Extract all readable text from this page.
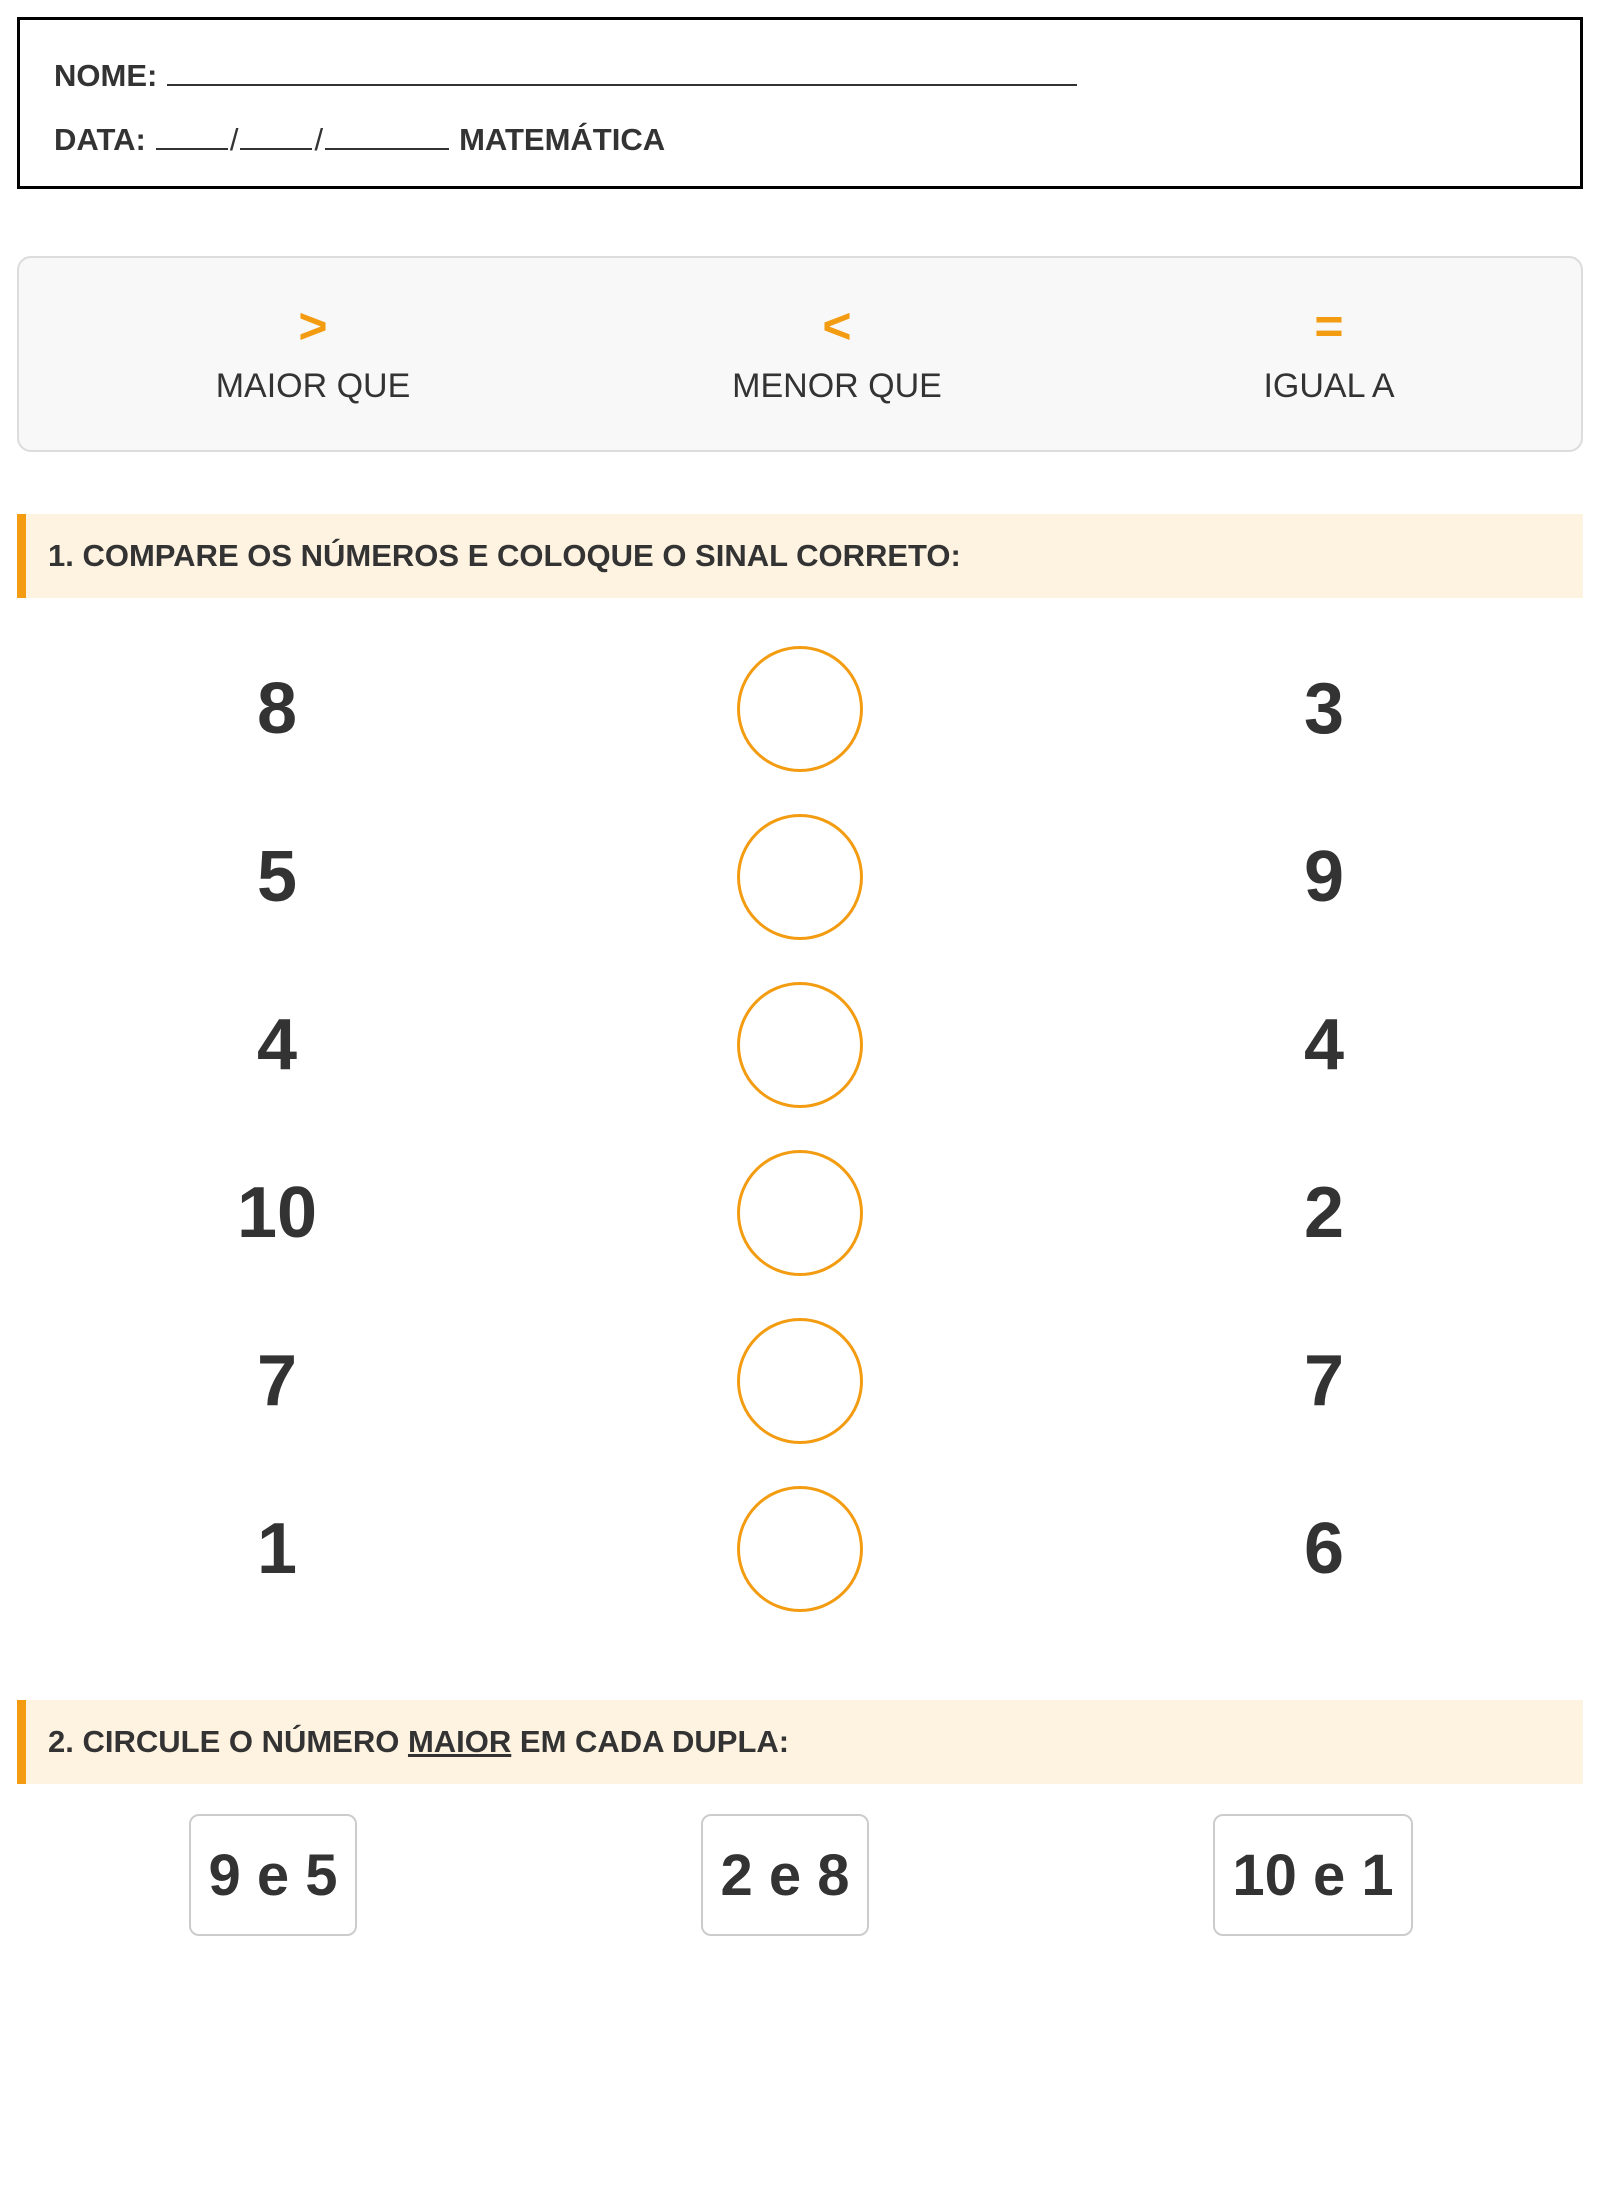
NOME:
DATA:	/ /	MATEMÁTICA
>
MAIOR QUE
<
MENOR QUE
=
IGUAL A
1. COMPARE OS NÚMEROS E COLOQUE O SINAL CORRETO:
8	3
5	9
4	4
10	2
7	7
1	6
2. CIRCULE O NÚMERO MAIOR EM CADA DUPLA:
9 e 5	2 e 8	10 e 1
